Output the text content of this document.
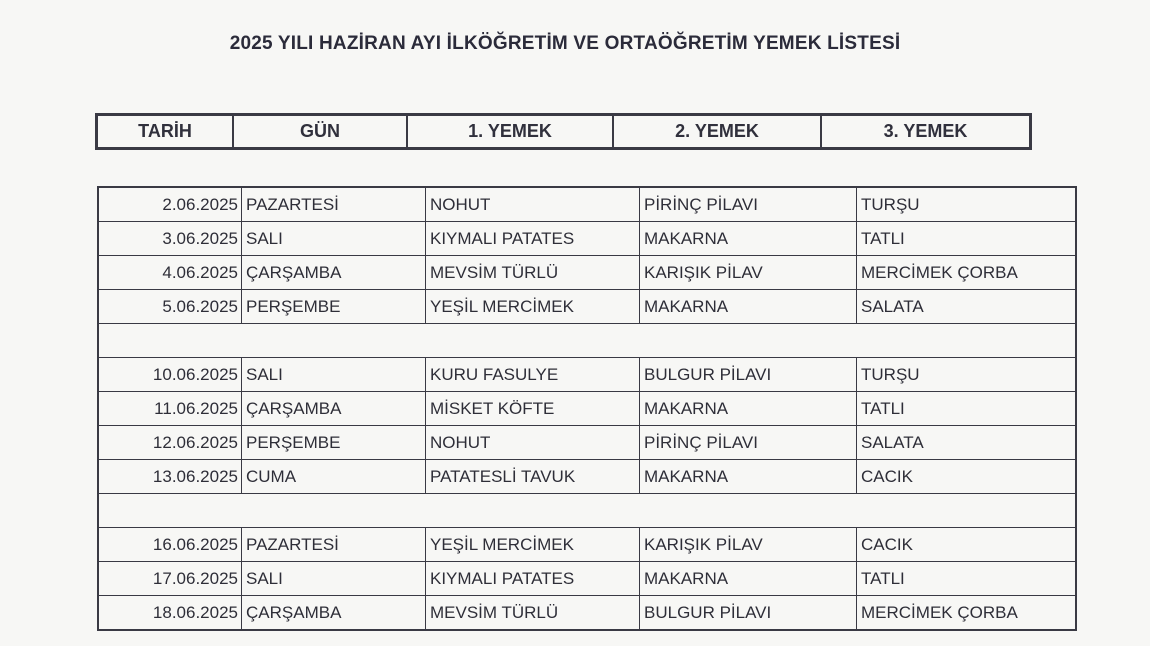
2025 YILI HAZİRAN AYI İLKÖĞRETİM VE ORTAÖĞRETİM YEMEK LİSTESİ
TARİH	GÜN	1. YEMEK	2. YEMEK	3. YEMEK
2.06.2025	PAZARTESİ	NOHUT	PİRİNÇ PİLAVI	TURŞU
3.06.2025	SALI	KIYMALI PATATES	MAKARNA	TATLI
4.06.2025	ÇARŞAMBA	MEVSİM TÜRLÜ	KARIŞIK PİLAV	MERCİMEK ÇORBA
5.06.2025	PERŞEMBE	YEŞİL MERCİMEK	MAKARNA	SALATA

10.06.2025	SALI	KURU FASULYE	BULGUR PİLAVI	TURŞU
11.06.2025	ÇARŞAMBA	MİSKET KÖFTE	MAKARNA	TATLI
12.06.2025	PERŞEMBE	NOHUT	PİRİNÇ PİLAVI	SALATA
13.06.2025	CUMA	PATATESLİ TAVUK	MAKARNA	CACIK

16.06.2025	PAZARTESİ	YEŞİL MERCİMEK	KARIŞIK PİLAV	CACIK
17.06.2025	SALI	KIYMALI PATATES	MAKARNA	TATLI
18.06.2025	ÇARŞAMBA	MEVSİM TÜRLÜ	BULGUR PİLAVI	MERCİMEK ÇORBA
